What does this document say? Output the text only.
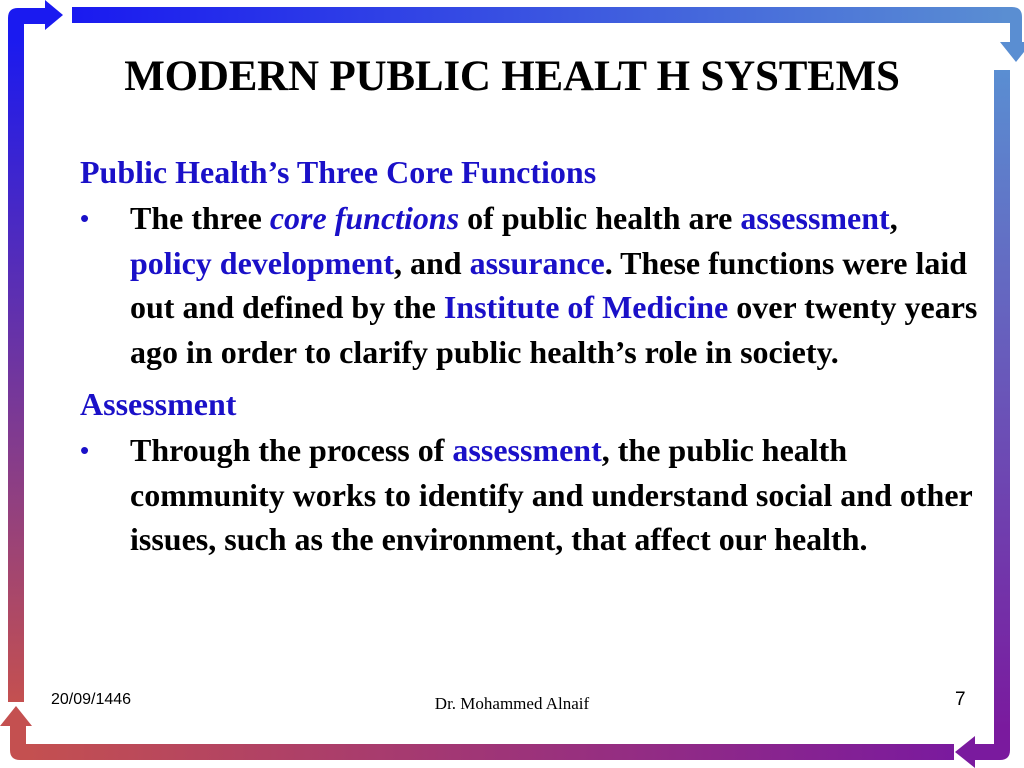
MODERN PUBLIC HEALT H SYSTEMS
Public Health’s Three Core Functions
•	The three core functions of public health are assessment, policy development, and assurance. These functions were laid out and defined by the Institute of Medicine over twenty years ago in order to clarify public health’s role in society.
Assessment
•	Through the process of assessment, the public health community works to identify and understand social and other issues, such as the environment, that affect our health.
20/09/1446	Dr. Mohammed Alnaif	7
